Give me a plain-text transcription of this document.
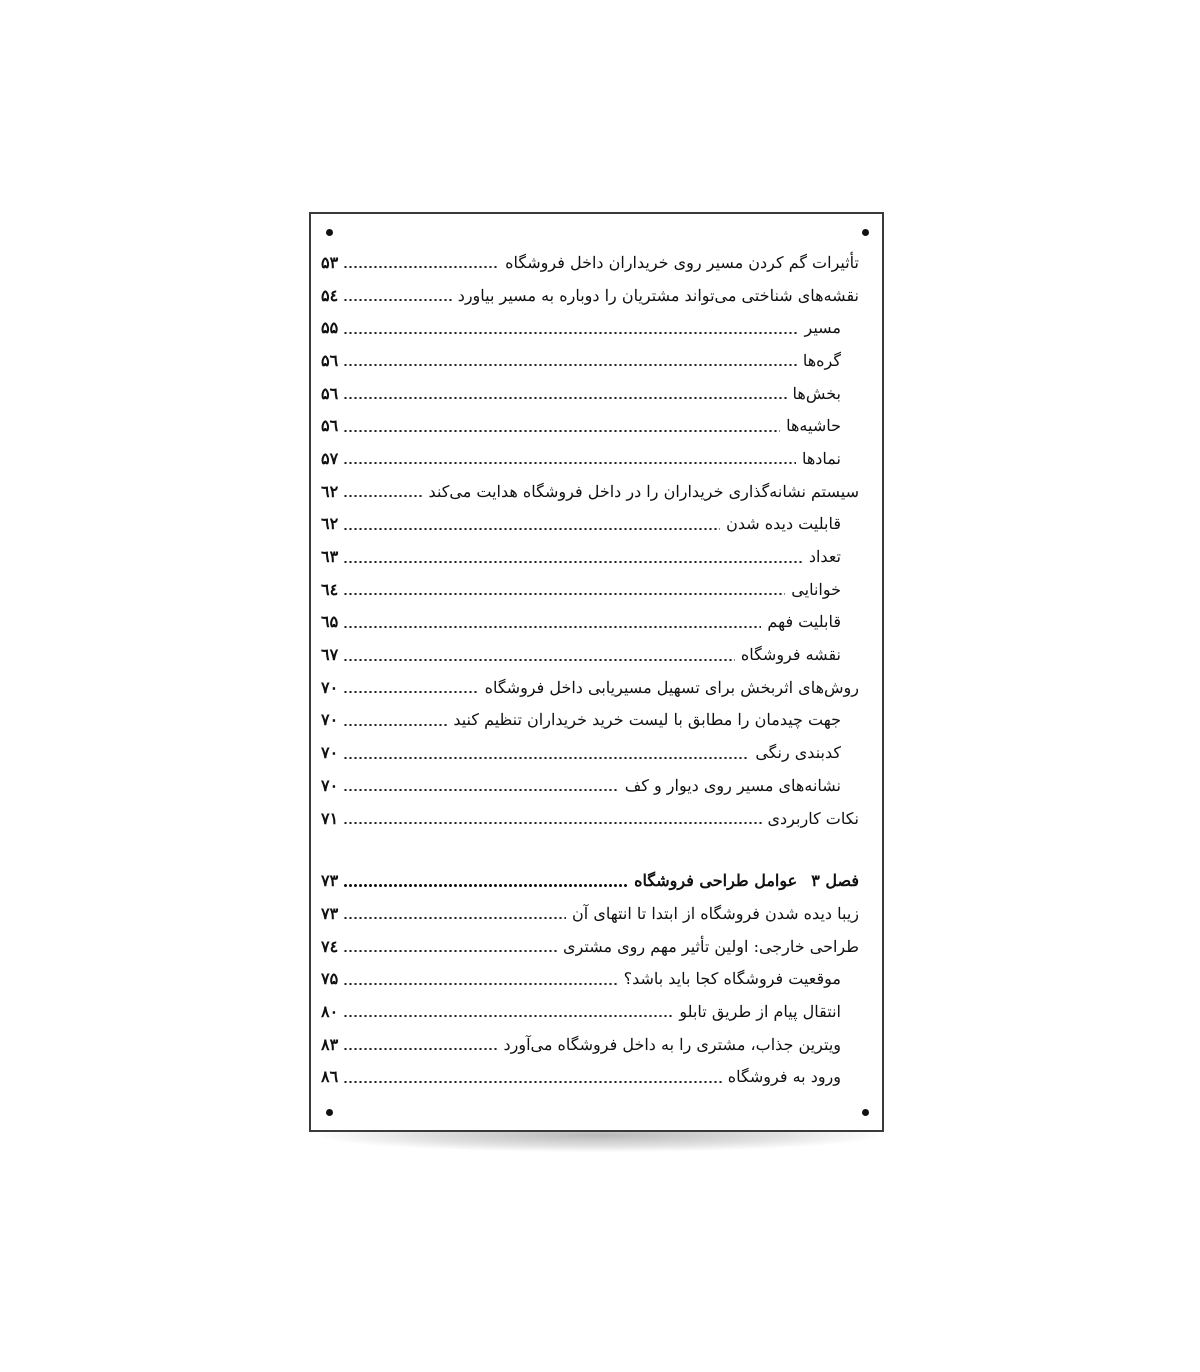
تأثیرات گم کردن مسیر روی خریداران داخل فروشگاه
۵۳
نقشه‌های شناختی می‌تواند مشتریان را دوباره به مسیر بیاورد
۵٤
مسیر
۵۵
گره‌ها
۵٦
بخش‌ها
۵٦
حاشیه‌ها
۵٦
نمادها
۵۷
سیستم نشانه‌گذاری خریداران را در داخل فروشگاه هدایت می‌کند
٦۲
قابلیت دیده شدن
٦۲
تعداد
٦۳
خوانایی
٦٤
قابلیت فهم
٦۵
نقشه فروشگاه
٦۷
روش‌های اثربخش برای تسهیل مسیریابی داخل فروشگاه
۷۰
جهت چیدمان را مطابق با لیست خرید خریداران تنظیم کنید
۷۰
کدبندی رنگی
۷۰
نشانه‌های مسیر روی دیوار و کف
۷۰
نکات کاربردی
۷۱
فصل ۳
عوامل طراحی فروشگاه
۷۳
زیبا دیده شدن فروشگاه از ابتدا تا انتهای آن
۷۳
طراحی خارجی: اولین تأثیر مهم روی مشتری
۷٤
موقعیت فروشگاه کجا باید باشد؟
۷۵
انتقال پیام از طریق تابلو
۸۰
ویترین جذاب، مشتری را به داخل فروشگاه می‌آورد
۸۳
ورود به فروشگاه
۸٦
